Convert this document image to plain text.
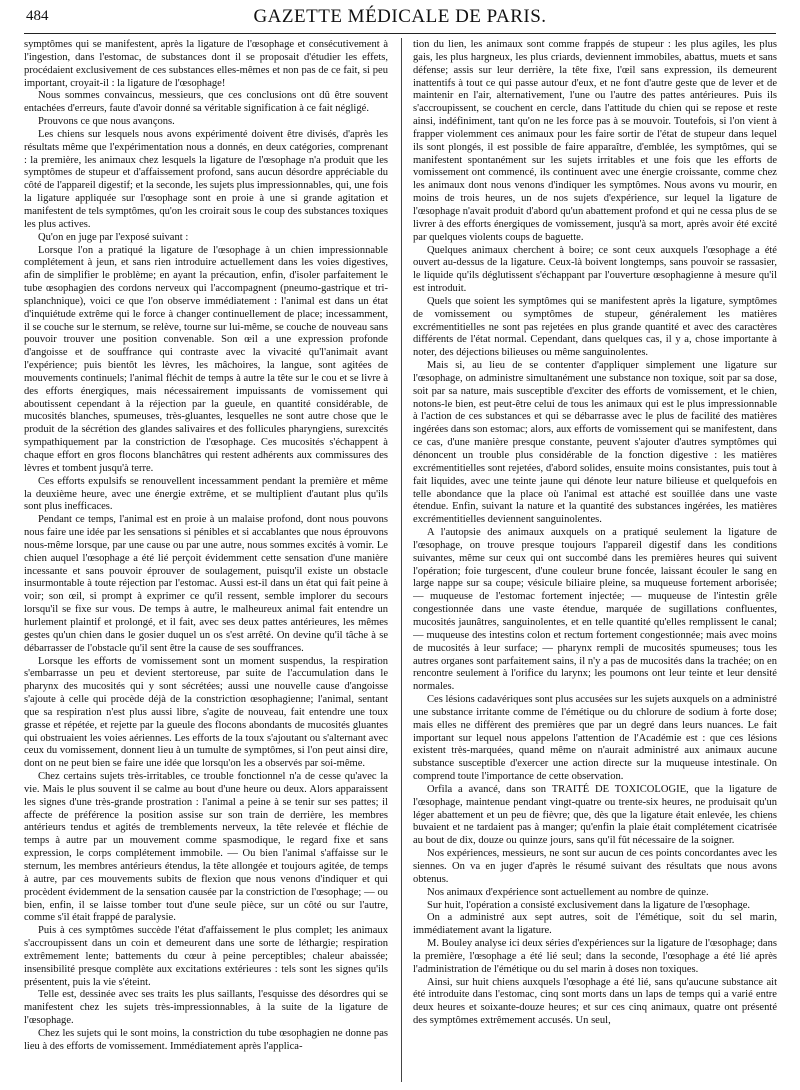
484	GAZETTE MÉDICALE DE PARIS.

symptômes qui se manifestent, après la ligature de l'œsophage et consécutivement à l'ingestion, dans l'estomac, de substances dont il se proposait d'étudier les effets, procédaient exclusivement de ces substances elles-mêmes et non pas de ce fait, si peu important, croyait-il : la ligature de l'œsophage!

Nous sommes convaincus, messieurs, que ces conclusions ont dû être souvent entachées d'erreurs, faute d'avoir donné sa véritable signification à ce fait négligé.

Prouvons ce que nous avançons.

Les chiens sur lesquels nous avons expérimenté doivent être divisés, d'après les résultats même que l'expérimentation nous a donnés, en deux catégories, comprenant : la première, les animaux chez lesquels la ligature de l'œsophage n'a produit que les symptômes de stupeur et d'affaissement profond, sans aucun désordre appréciable du côté de l'appareil digestif; et la seconde, les sujets plus impressionnables, qui, une fois la ligature appliquée sur l'œsophage sont en proie à une si grande agitation et manifestent de tels symptômes, qu'on les croirait sous le coup des substances toxiques les plus actives.

Qu'on en juge par l'exposé suivant :

Lorsque l'on a pratiqué la ligature de l'œsophage à un chien impressionnable complétement à jeun, et sans rien introduire actuellement dans les voies digestives, afin de simplifier le problème; en ayant la précaution, enfin, d'isoler parfaitement le tube œsophagien des cordons nerveux qui l'accompagnent (pneumo-gastrique et tri-splanchnique), voici ce que l'on observe immédiatement : l'animal est dans un état d'inquiétude extrême qui le force à changer continuellement de place; incessamment, il se couche sur le sternum, se relève, tourne sur lui-même, se couche de nouveau sans pouvoir trouver une position convenable. Son œil a une expression profonde d'angoisse et de souffrance qui contraste avec la vivacité qu'l'animait avant l'expérience; puis bientôt les lèvres, les mâchoires, la langue, sont agitées de mouvements continuels; l'animal fléchit de temps à autre la tête sur le cou et se livre à des efforts énergiques, mais nécessairement impuissants de vomissement qui aboutissent cependant à la réjection par la gueule, en quantité considérable, de mucosités blanches, spumeuses, très-gluantes, lesquelles ne sont autre chose que le produit de la sécrétion des glandes salivaires et des follicules pharyngiens, surexcités sympathiquement par la constriction de l'œsophage. Ces mucosités s'échappent à chaque effort en gros flocons blanchâtres qui restent adhérents aux commissures des lèvres et tombent jusqu'à terre.

Ces efforts expulsifs se renouvellent incessamment pendant la première et même la deuxième heure, avec une énergie extrême, et se multiplient d'autant plus qu'ils sont plus inefficaces.

Pendant ce temps, l'animal est en proie à un malaise profond, dont nous pouvons nous faire une idée par les sensations si pénibles et si accablantes que nous éprouvons nous-même lorsque, par une cause ou par une autre, nous sommes excités à vomir. Le chien auquel l'œsophage a été lié perçoit évidemment cette sensation d'une manière incessante et sans pouvoir éprouver de soulagement, puisqu'il existe un obstacle insurmontable à toute réjection par l'estomac. Aussi est-il dans un état qui fait peine à voir; son œil, si prompt à exprimer ce qu'il ressent, semble implorer du secours lorsqu'il se fixe sur vous. De temps à autre, le malheureux animal fait entendre un hurlement plaintif et prolongé, et il fait, avec ses deux pattes antérieures, les mêmes gestes qu'un chien dans le gosier duquel un os s'est arrêté. On devine qu'il tâche à se débarrasser de l'obstacle qu'il sent être la cause de ses souffrances.

Lorsque les efforts de vomissement sont un moment suspendus, la respiration s'embarrasse un peu et devient stertoreuse, par suite de l'accumulation dans le pharynx des mucosités qui y sont sécrétées; aussi une nouvelle cause d'angoisse s'ajoute à celle qui procède déjà de la constriction œsophagienne; l'animal, sentant que sa respiration n'est plus aussi libre, s'agite de nouveau, fait entendre une toux grasse et répétée, et rejette par la gueule des flocons abondants de mucosités gluantes qui obstruaient les voies aériennes. Les efforts de la toux s'ajoutant ou s'alternant avec ceux du vomissement, donnent lieu à un tumulte de symptômes, si l'on peut ainsi dire, dont on ne peut bien se faire une idée que lorsqu'on les a observés par soi-même.

Chez certains sujets très-irritables, ce trouble fonctionnel n'a de cesse qu'avec la vie. Mais le plus souvent il se calme au bout d'une heure ou deux. Alors apparaissent les signes d'une très-grande prostration : l'animal a peine à se tenir sur ses pattes; il affecte de préférence la position assise sur son train de derrière, les membres antérieurs tendus et agités de tremblements nerveux, la tête relevée et fléchie de temps à autre par un mouvement comme spasmodique, le regard fixe et sans expression, le corps complétement immobile. — Ou bien l'animal s'affaisse sur le sternum, les membres antérieurs étendus, la tête allongée et toujours agitée, de temps à autre, par ces mouvements subits de flexion que nous venons d'indiquer et qui procèdent évidemment de la sensation causée par la constriction de l'œsophage; — ou bien, enfin, il se laisse tomber tout d'une seule pièce, sur un côté ou sur l'autre, comme s'il était frappé de paralysie.

Puis à ces symptômes succède l'état d'affaissement le plus complet; les animaux s'accroupissent dans un coin et demeurent dans une sorte de léthargie; respiration extrêmement lente; battements du cœur à peine perceptibles; chaleur abaissée; insensibilité presque complète aux excitations extérieures : tels sont les signes qu'ils présentent, puis la vie s'éteint.

Telle est, dessinée avec ses traits les plus saillants, l'esquisse des désordres qui se manifestent chez les sujets très-impressionnables, à la suite de la ligature de l'œsophage.

Chez les sujets qui le sont moins, la constriction du tube œsophagien ne donne pas lieu à des efforts de vomissement. Immédiatement après l'applica-

tion du lien, les animaux sont comme frappés de stupeur : les plus agiles, les plus gais, les plus hargneux, les plus criards, deviennent immobiles, abattus, muets et sans défense; assis sur leur derrière, la tête fixe, l'œil sans expression, ils demeurent inattentifs à tout ce qui passe autour d'eux, et ne font d'autre geste que de lever et de maintenir en l'air, alternativement, l'une ou l'autre des pattes antérieures. Puis ils s'accroupissent, se couchent en cercle, dans l'attitude du chien qui se repose et reste ainsi, indéfiniment, tant qu'on ne les force pas à se mouvoir. Toutefois, si l'on vient à frapper violemment ces animaux pour les faire sortir de l'état de stupeur dans lequel ils sont plongés, il est possible de faire apparaître, d'emblée, les symptômes, qui se manifestent spontanément sur les sujets irritables et une fois que les efforts de vomissement ont commencé, ils continuent avec une énergie croissante, comme chez les animaux dont nous venons d'indiquer les symptômes. Nous avons vu mourir, en moins de trois heures, un de nos sujets d'expérience, sur lequel la ligature de l'œsophage n'avait produit d'abord qu'un abattement profond et qui ne cessa plus de se livrer à des efforts énergiques de vomissement, jusqu'à sa mort, après avoir été excité par quelques violents coups de baguette.

Quelques animaux cherchent à boire; ce sont ceux auxquels l'œsophage a été ouvert au-dessus de la ligature. Ceux-là boivent longtemps, sans pouvoir se rassasier, le liquide qu'ils déglutissent s'échappant par l'ouverture œsophagienne à mesure qu'il est introduit.

Quels que soient les symptômes qui se manifestent après la ligature, symptômes de vomissement ou symptômes de stupeur, généralement les matières excrémentitielles ne sont pas rejetées en plus grande quantité et avec des caractères différents de l'état normal. Cependant, dans quelques cas, il y a, chose importante à noter, des déjections bilieuses ou même sanguinolentes.

Mais si, au lieu de se contenter d'appliquer simplement une ligature sur l'œsophage, on administre simultanément une substance non toxique, soit par sa dose, soit par sa nature, mais susceptible d'exciter des efforts de vomissement, et le chien, notons-le bien, est peut-être celui de tous les animaux qui est le plus impressionnable à l'action de ces substances et qui se débarrasse avec le plus de facilité des matières ingérées dans son estomac; alors, aux efforts de vomissement qui se manifestent, dans ce cas, d'une manière presque constante, peuvent s'ajouter d'autres symptômes qui dénoncent un trouble plus considérable de la fonction digestive : les matières excrémentitielles sont rejetées, d'abord solides, ensuite moins consistantes, puis tout à fait liquides, avec une teinte jaune qui dénote leur nature bilieuse et quelquefois en telle abondance que la place où l'animal est attaché est souillée dans une vaste étendue. Enfin, suivant la nature et la quantité des substances ingérées, les matières excrémentitielles deviennent sanguinolentes.

A l'autopsie des animaux auxquels on a pratiqué seulement la ligature de l'œsophage, on trouve presque toujours l'appareil digestif dans les conditions suivantes, même sur ceux qui ont succombé dans les premières heures qui suivent l'opération; foie turgescent, d'une couleur brune foncée, laissant écouler le sang en large nappe sur sa coupe; vésicule biliaire pleine, sa muqueuse fortement arborisée; — muqueuse de l'estomac fortement injectée; — muqueuse de l'intestin grêle congestionnée dans une vaste étendue, marquée de sugillations confluentes, mucosités jaunâtres, sanguinolentes, et en telle quantité qu'elles remplissent le canal; — muqueuse des intestins colon et rectum fortement congestionnée; mais avec moins de mucosités à leur surface; — pharynx rempli de mucosités spumeuses; tous les autres organes sont parfaitement sains, il n'y a pas de mucosités dans la trachée; on en rencontre seulement à l'orifice du larynx; les poumons ont leur teinte et leur densité normales.

Ces lésions cadavériques sont plus accusées sur les sujets auxquels on a administré une substance irritante comme de l'émétique ou du chlorure de sodium à forte dose; mais elles ne diffèrent des premières que par un degré dans leurs nuances. Le fait important sur lequel nous appelons l'attention de l'Académie est : que ces lésions existent très-marquées, quand même on n'aurait administré aux animaux aucune substance susceptible d'exercer une action directe sur la muqueuse intestinale. On comprend toute l'importance de cette observation.

Orfila a avancé, dans son TRAITÉ DE TOXICOLOGIE, que la ligature de l'œsophage, maintenue pendant vingt-quatre ou trente-six heures, ne produisait qu'un léger abattement et un peu de fièvre; que, dès que la ligature était enlevée, les chiens buvaient et ne tardaient pas à manger; qu'enfin la plaie était complétement cicatrisée au bout de dix, douze ou quinze jours, sans qu'il fût nécessaire de la soigner.

Nos expériences, messieurs, ne sont sur aucun de ces points concordantes avec les siennes. On va en juger d'après le résumé suivant des résultats que nous avons obtenus.

Nos animaux d'expérience sont actuellement au nombre de quinze.

Sur huit, l'opération a consisté exclusivement dans la ligature de l'œsophage.

On a administré aux sept autres, soit de l'émétique, soit du sel marin, immédiatement avant la ligature.

M. Bouley analyse ici deux séries d'expériences sur la ligature de l'œsophage; dans la première, l'œsophage a été lié seul; dans la seconde, l'œsophage a été lié après l'administration de l'émétique ou du sel marin à doses non toxiques.

Ainsi, sur huit chiens auxquels l'œsophage a été lié, sans qu'aucune substance ait été introduite dans l'estomac, cinq sont morts dans un laps de temps qui a varié entre deux heures et soixante-douze heures; et sur ces cinq animaux, quatre ont présenté des symptômes extrêmement accusés. Un seul,
